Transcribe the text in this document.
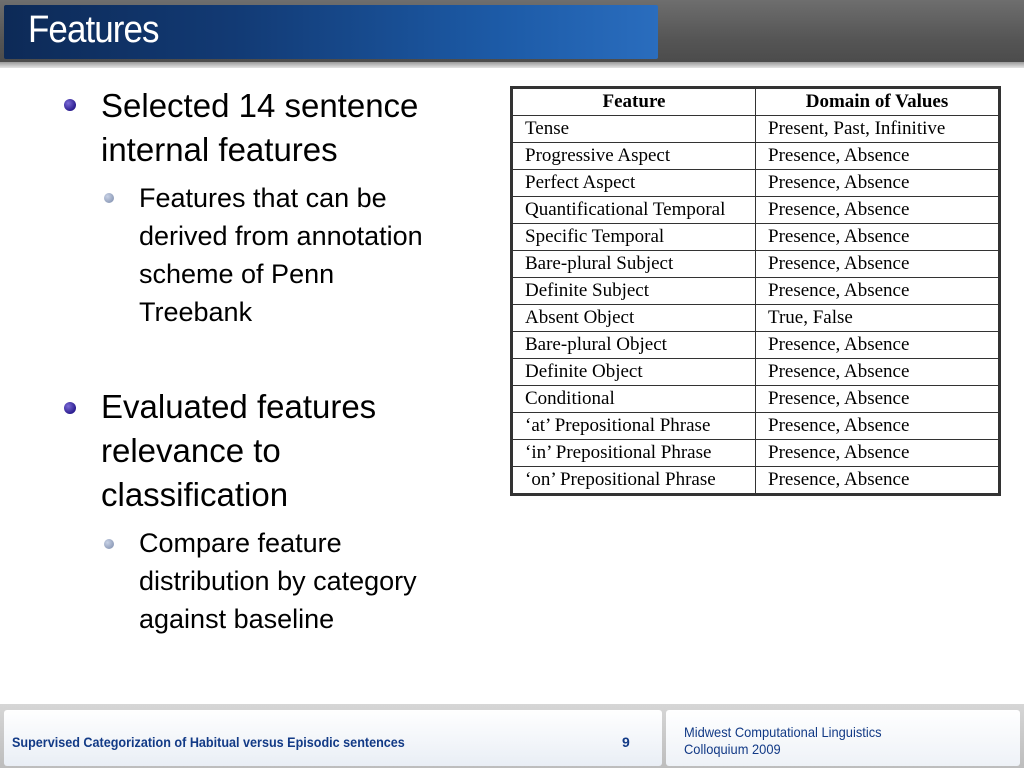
Features
Selected 14 sentence internal features
Features that can be derived from annotation scheme of Penn Treebank
Evaluated features relevance to classification
Compare feature distribution by category against baseline
Feature	Domain of Values
Tense	Present, Past, Infinitive
Progressive Aspect	Presence, Absence
Perfect Aspect	Presence, Absence
Quantificational Temporal	Presence, Absence
Specific Temporal	Presence, Absence
Bare-plural Subject	Presence, Absence
Definite Subject	Presence, Absence
Absent Object	True, False
Bare-plural Object	Presence, Absence
Definite Object	Presence, Absence
Conditional	Presence, Absence
‘at’ Prepositional Phrase	Presence, Absence
‘in’ Prepositional Phrase	Presence, Absence
‘on’ Prepositional Phrase	Presence, Absence
Supervised Categorization of Habitual versus Episodic sentences	9
Midwest Computational Linguistics
Colloquium 2009
